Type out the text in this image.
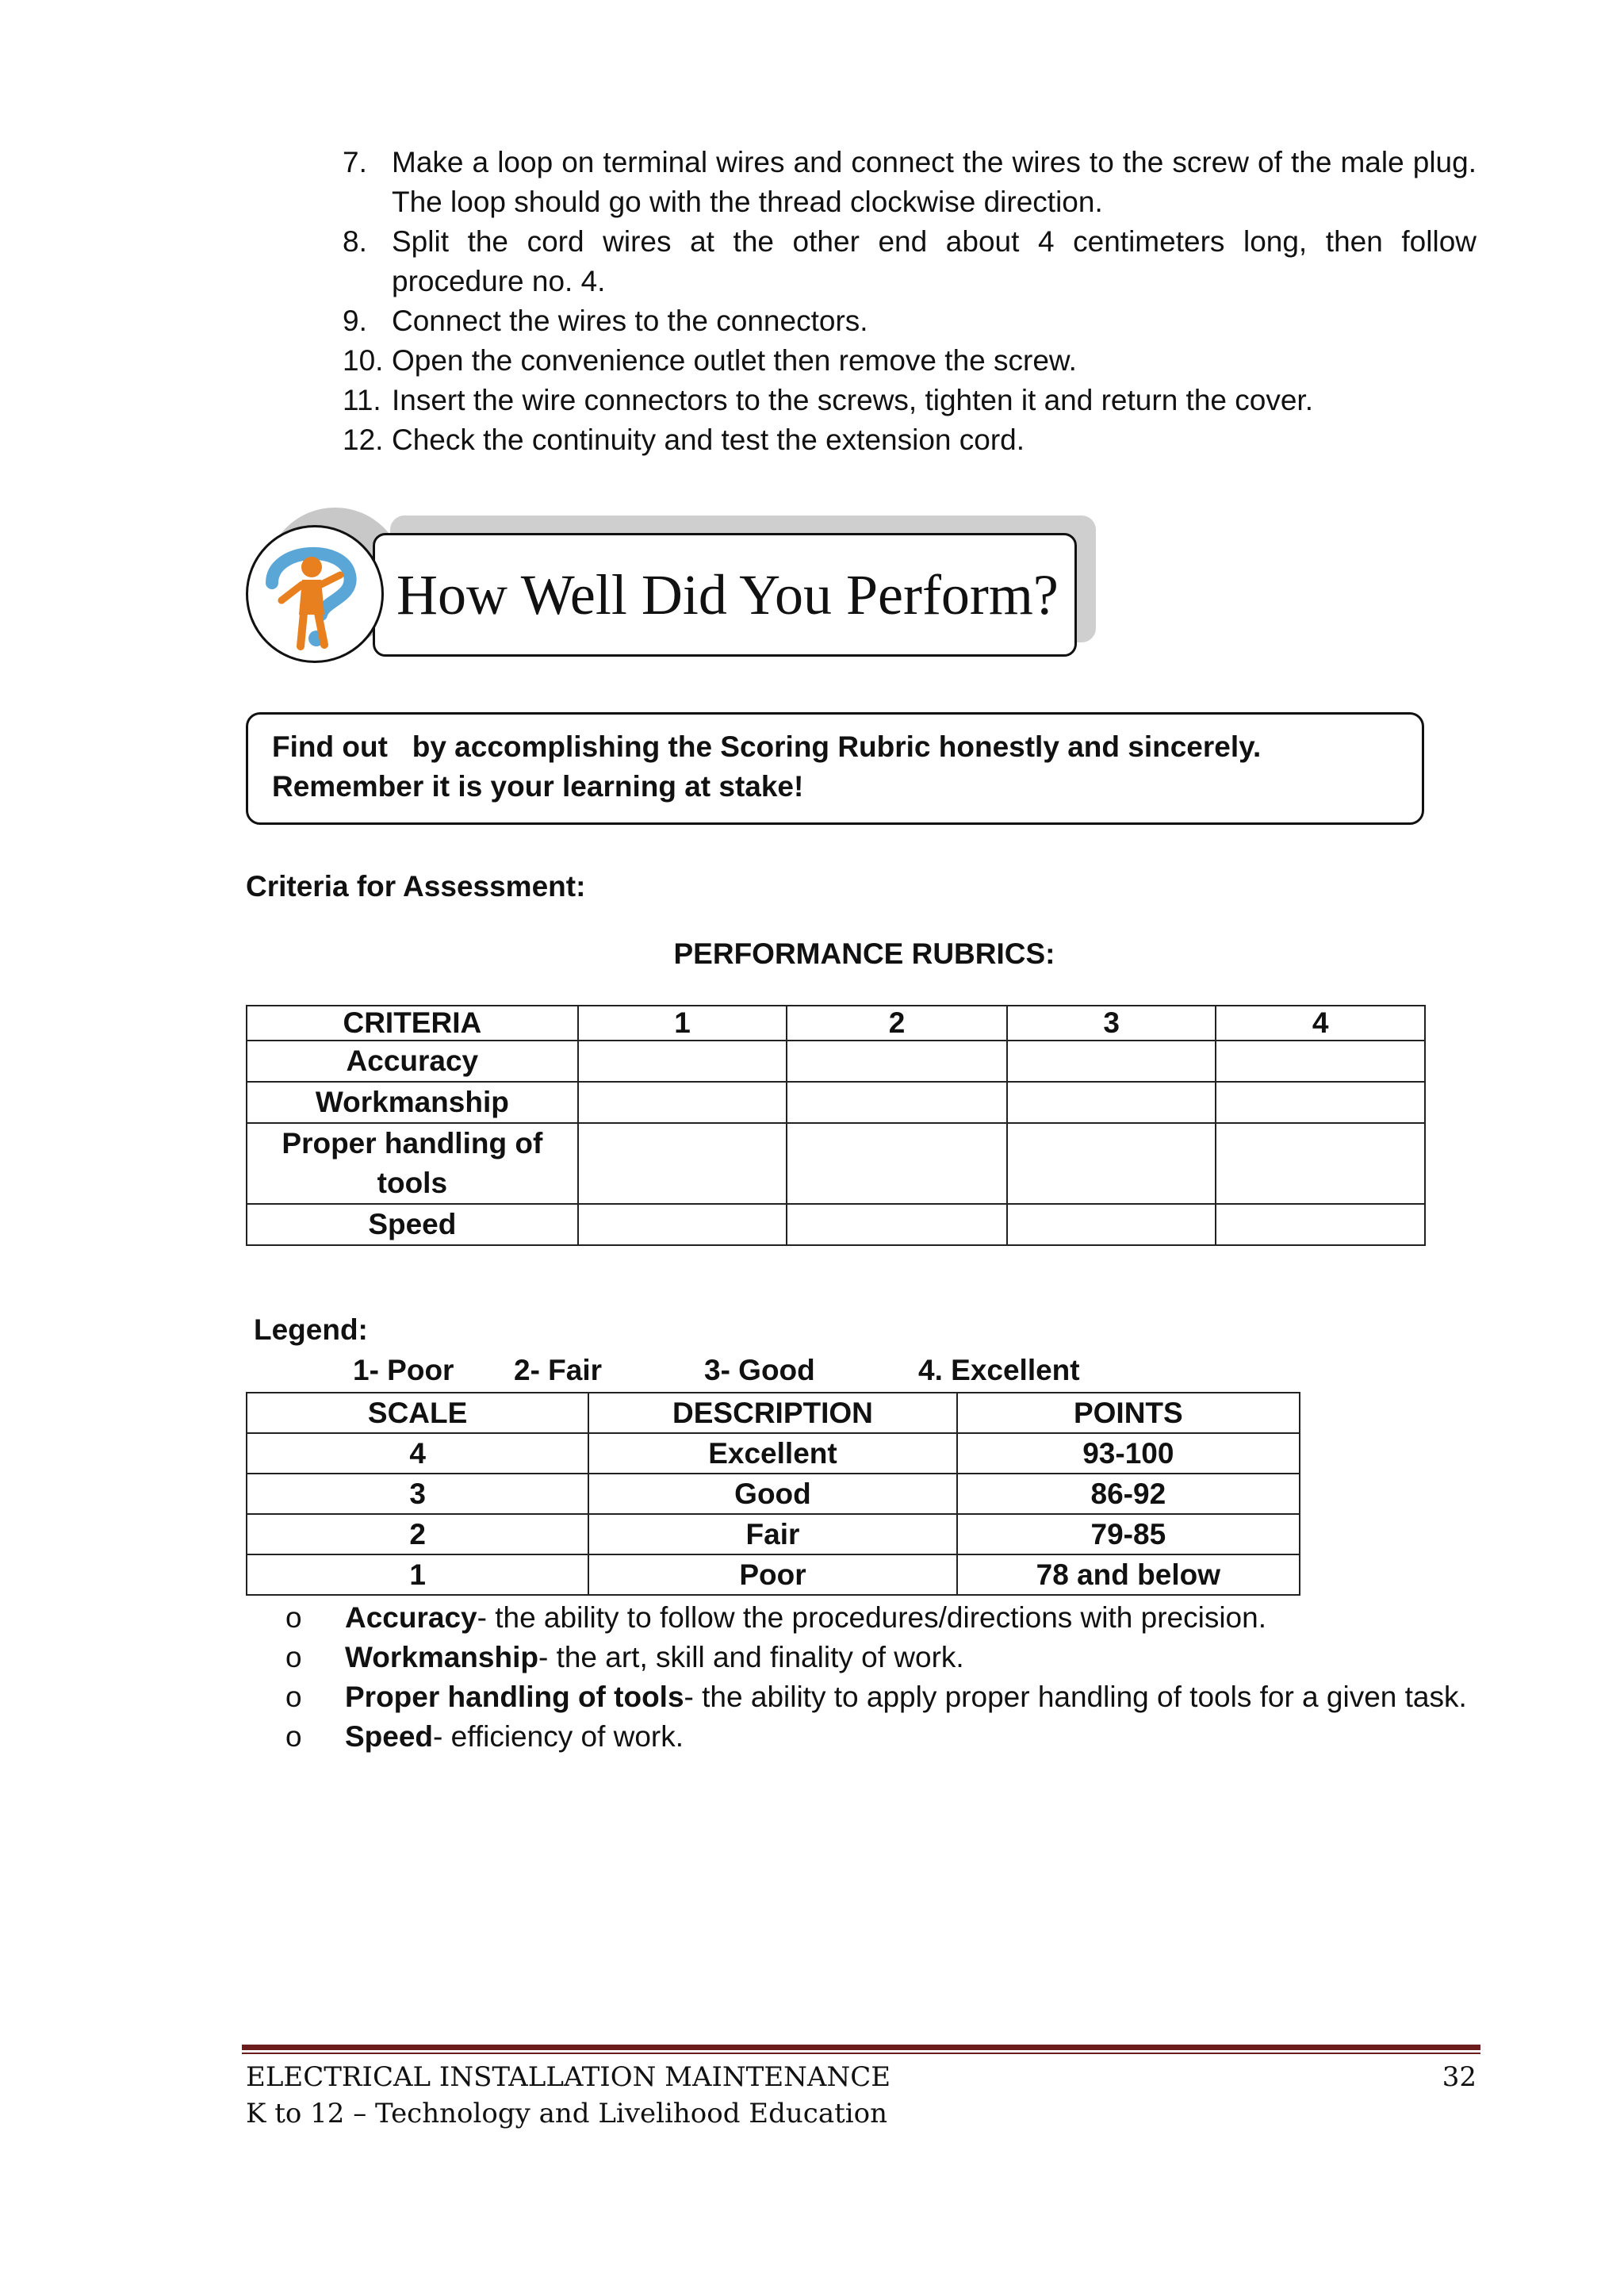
7. Make a loop on terminal wires and connect the wires to the screw of the male plug. The loop should go with the thread clockwise direction.
8. Split the cord wires at the other end about 4 centimeters long, then follow procedure no. 4.
9. Connect the wires to the connectors.
10. Open the convenience outlet then remove the screw.
11. Insert the wire connectors to the screws, tighten it and return the cover.
12. Check the continuity and test the extension cord.
How Well Did You Perform?
Find out   by accomplishing the Scoring Rubric honestly and sincerely.
Remember it is your learning at stake!
Criteria for Assessment:
PERFORMANCE RUBRICS:
CRITERIA	1	2	3	4
Accuracy				
Workmanship				
Proper handling of tools				
Speed				
Legend:
1- Poor 2- Fair	3- Good	4. Excellent
SCALE	DESCRIPTION	POINTS
4	Excellent	93-100
3	Good	86-92
2	Fair	79-85
1	Poor	78 and below
o	Accuracy- the ability to follow the procedures/directions with precision.
o	Workmanship- the art, skill and finality of work.
o	Proper handling of tools- the ability to apply proper handling of tools for a given task.
o	Speed- efficiency of work.
ELECTRICAL INSTALLATION MAINTENANCE
K to 12 – Technology and Livelihood Education
32
